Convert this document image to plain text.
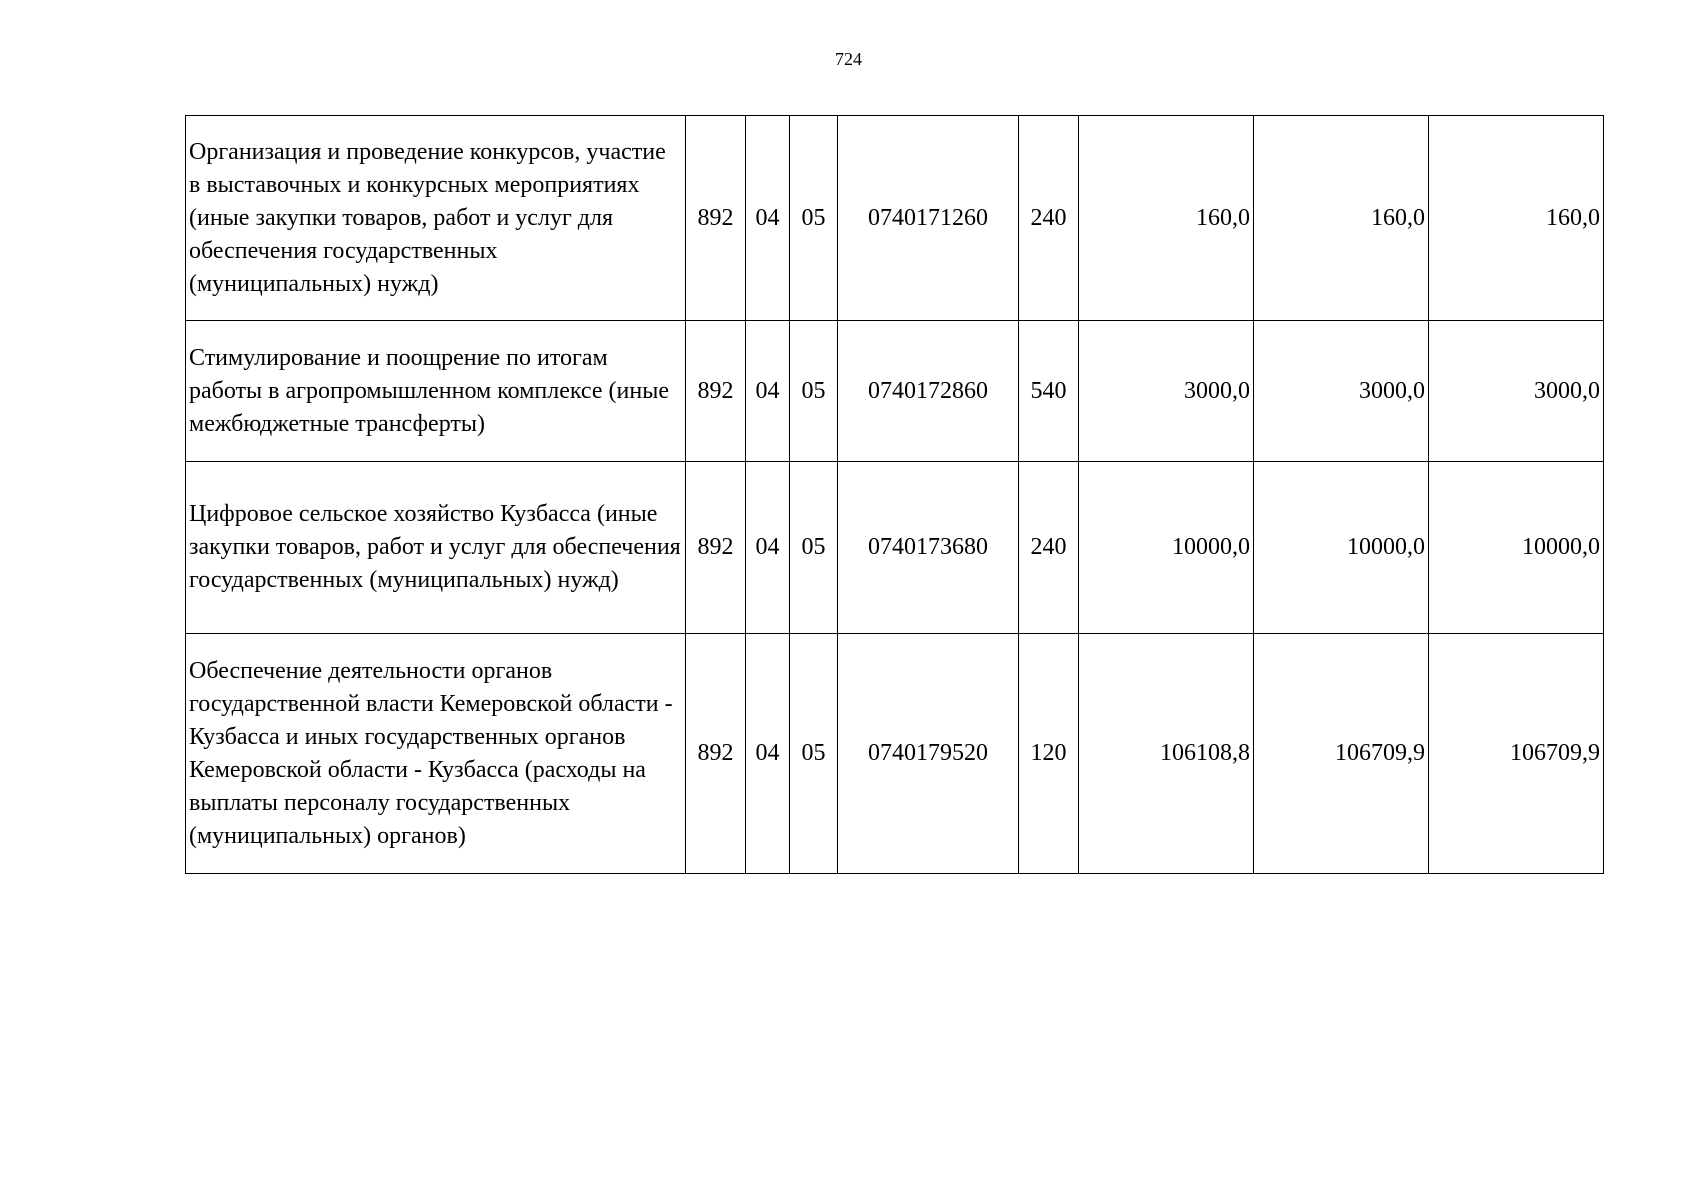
724
Организация и проведение конкурсов, участие в выставочных и конкурсных мероприятиях (иные закупки товаров, работ и услуг для обеспечения государственных (муниципальных) нужд)	892	04	05	0740171260	240	160,0	160,0	160,0
Стимулирование и поощрение по итогам работы в агропромышленном комплексе (иные межбюджетные трансферты)	892	04	05	0740172860	540	3000,0	3000,0	3000,0
Цифровое сельское хозяйство Кузбасса (иные закупки товаров, работ и услуг для обеспечения государственных (муниципальных) нужд)	892	04	05	0740173680	240	10000,0	10000,0	10000,0
Обеспечение деятельности органов государственной власти Кемеровской области - Кузбасса и иных государственных органов Кемеровской области - Кузбасса (расходы на выплаты персоналу государственных (муниципальных) органов)	892	04	05	0740179520	120	106108,8	106709,9	106709,9
